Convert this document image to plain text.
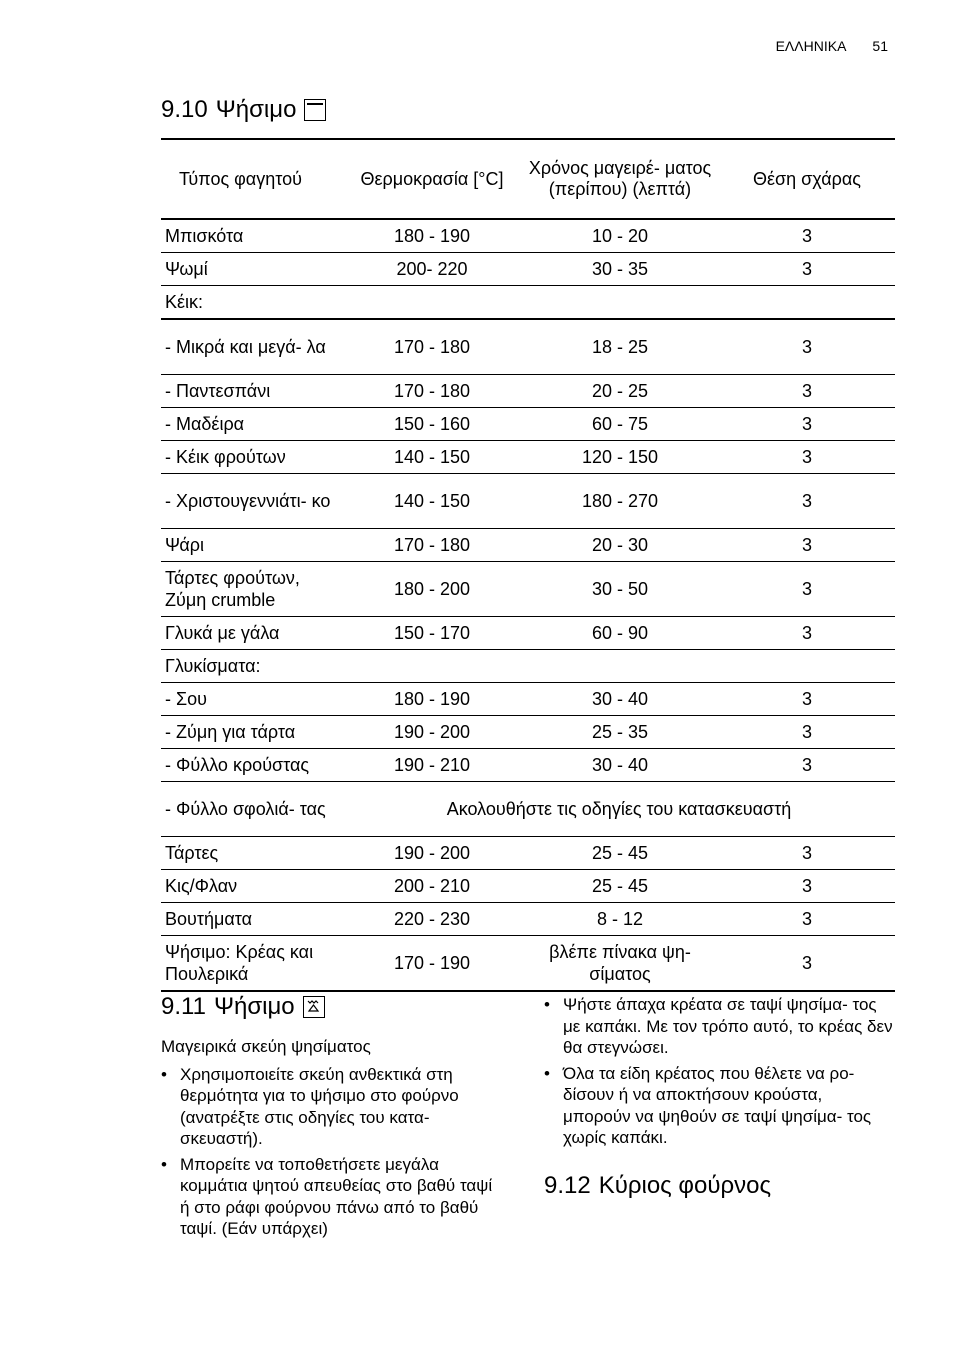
ΕΛΛΗΝΙΚΑ 51
9.10 Ψήσιμο
Τύπος φαγητού	Θερμοκρασία [°C]	Χρόνος μαγειρέ- ματος (περίπου) (λεπτά)	Θέση σχάρας
Μπισκότα	180 - 190	10 - 20	3
Ψωμί	200- 220	30 - 35	3
Κέικ:			
- Μικρά και μεγά- λα	170 - 180	18 - 25	3
- Παντεσπάνι	170 - 180	20 - 25	3
- Μαδέιρα	150 - 160	60 - 75	3
- Κέικ φρούτων	140 - 150	120 - 150	3
- Χριστουγεννιάτι- κο	140 - 150	180 - 270	3
Ψάρι	170 - 180	20 - 30	3
Τάρτες φρούτων, Ζύμη crumble	180 - 200	30 - 50	3
Γλυκά με γάλα	150 - 170	60 - 90	3
Γλυκίσματα:			
- Σου	180 - 190	30 - 40	3
- Ζύμη για τάρτα	190 - 200	25 - 35	3
- Φύλλο κρούστας	190 - 210	30 - 40	3
- Φύλλο σφολιά- τας	Ακολουθήστε τις οδηγίες του κατασκευαστή		
Τάρτες	190 - 200	25 - 45	3
Κις/Φλαν	200 - 210	25 - 45	3
Βουτήματα	220 - 230	8 - 12	3
Ψήσιμο: Κρέας και Πουλερικά	170 - 190	βλέπε πίνακα ψη- σίματος	3
9.11 Ψήσιμο

Μαγειρικά σκεύη ψησίματος

• Χρησιμοποιείτε σκεύη ανθεκτικά στη θερμότητα για το ψήσιμο στο φούρνο (ανατρέξτε στις οδηγίες του κατα- σκευαστή).
• Μπορείτε να τοποθετήσετε μεγάλα κομμάτια ψητού απευθείας στο βαθύ ταψί ή στο ράφι φούρνου πάνω από το βαθύ ταψί. (Εάν υπάρχει)
• Ψήστε άπαχα κρέατα σε ταψί ψησίμα- τος με καπάκι. Με τον τρόπο αυτό, το κρέας δεν θα στεγνώσει.
• Όλα τα είδη κρέατος που θέλετε να ρο- δίσουν ή να αποκτήσουν κρούστα, μπορούν να ψηθούν σε ταψί ψησίμα- τος χωρίς καπάκι.
9.12 Κύριος φούρνος
